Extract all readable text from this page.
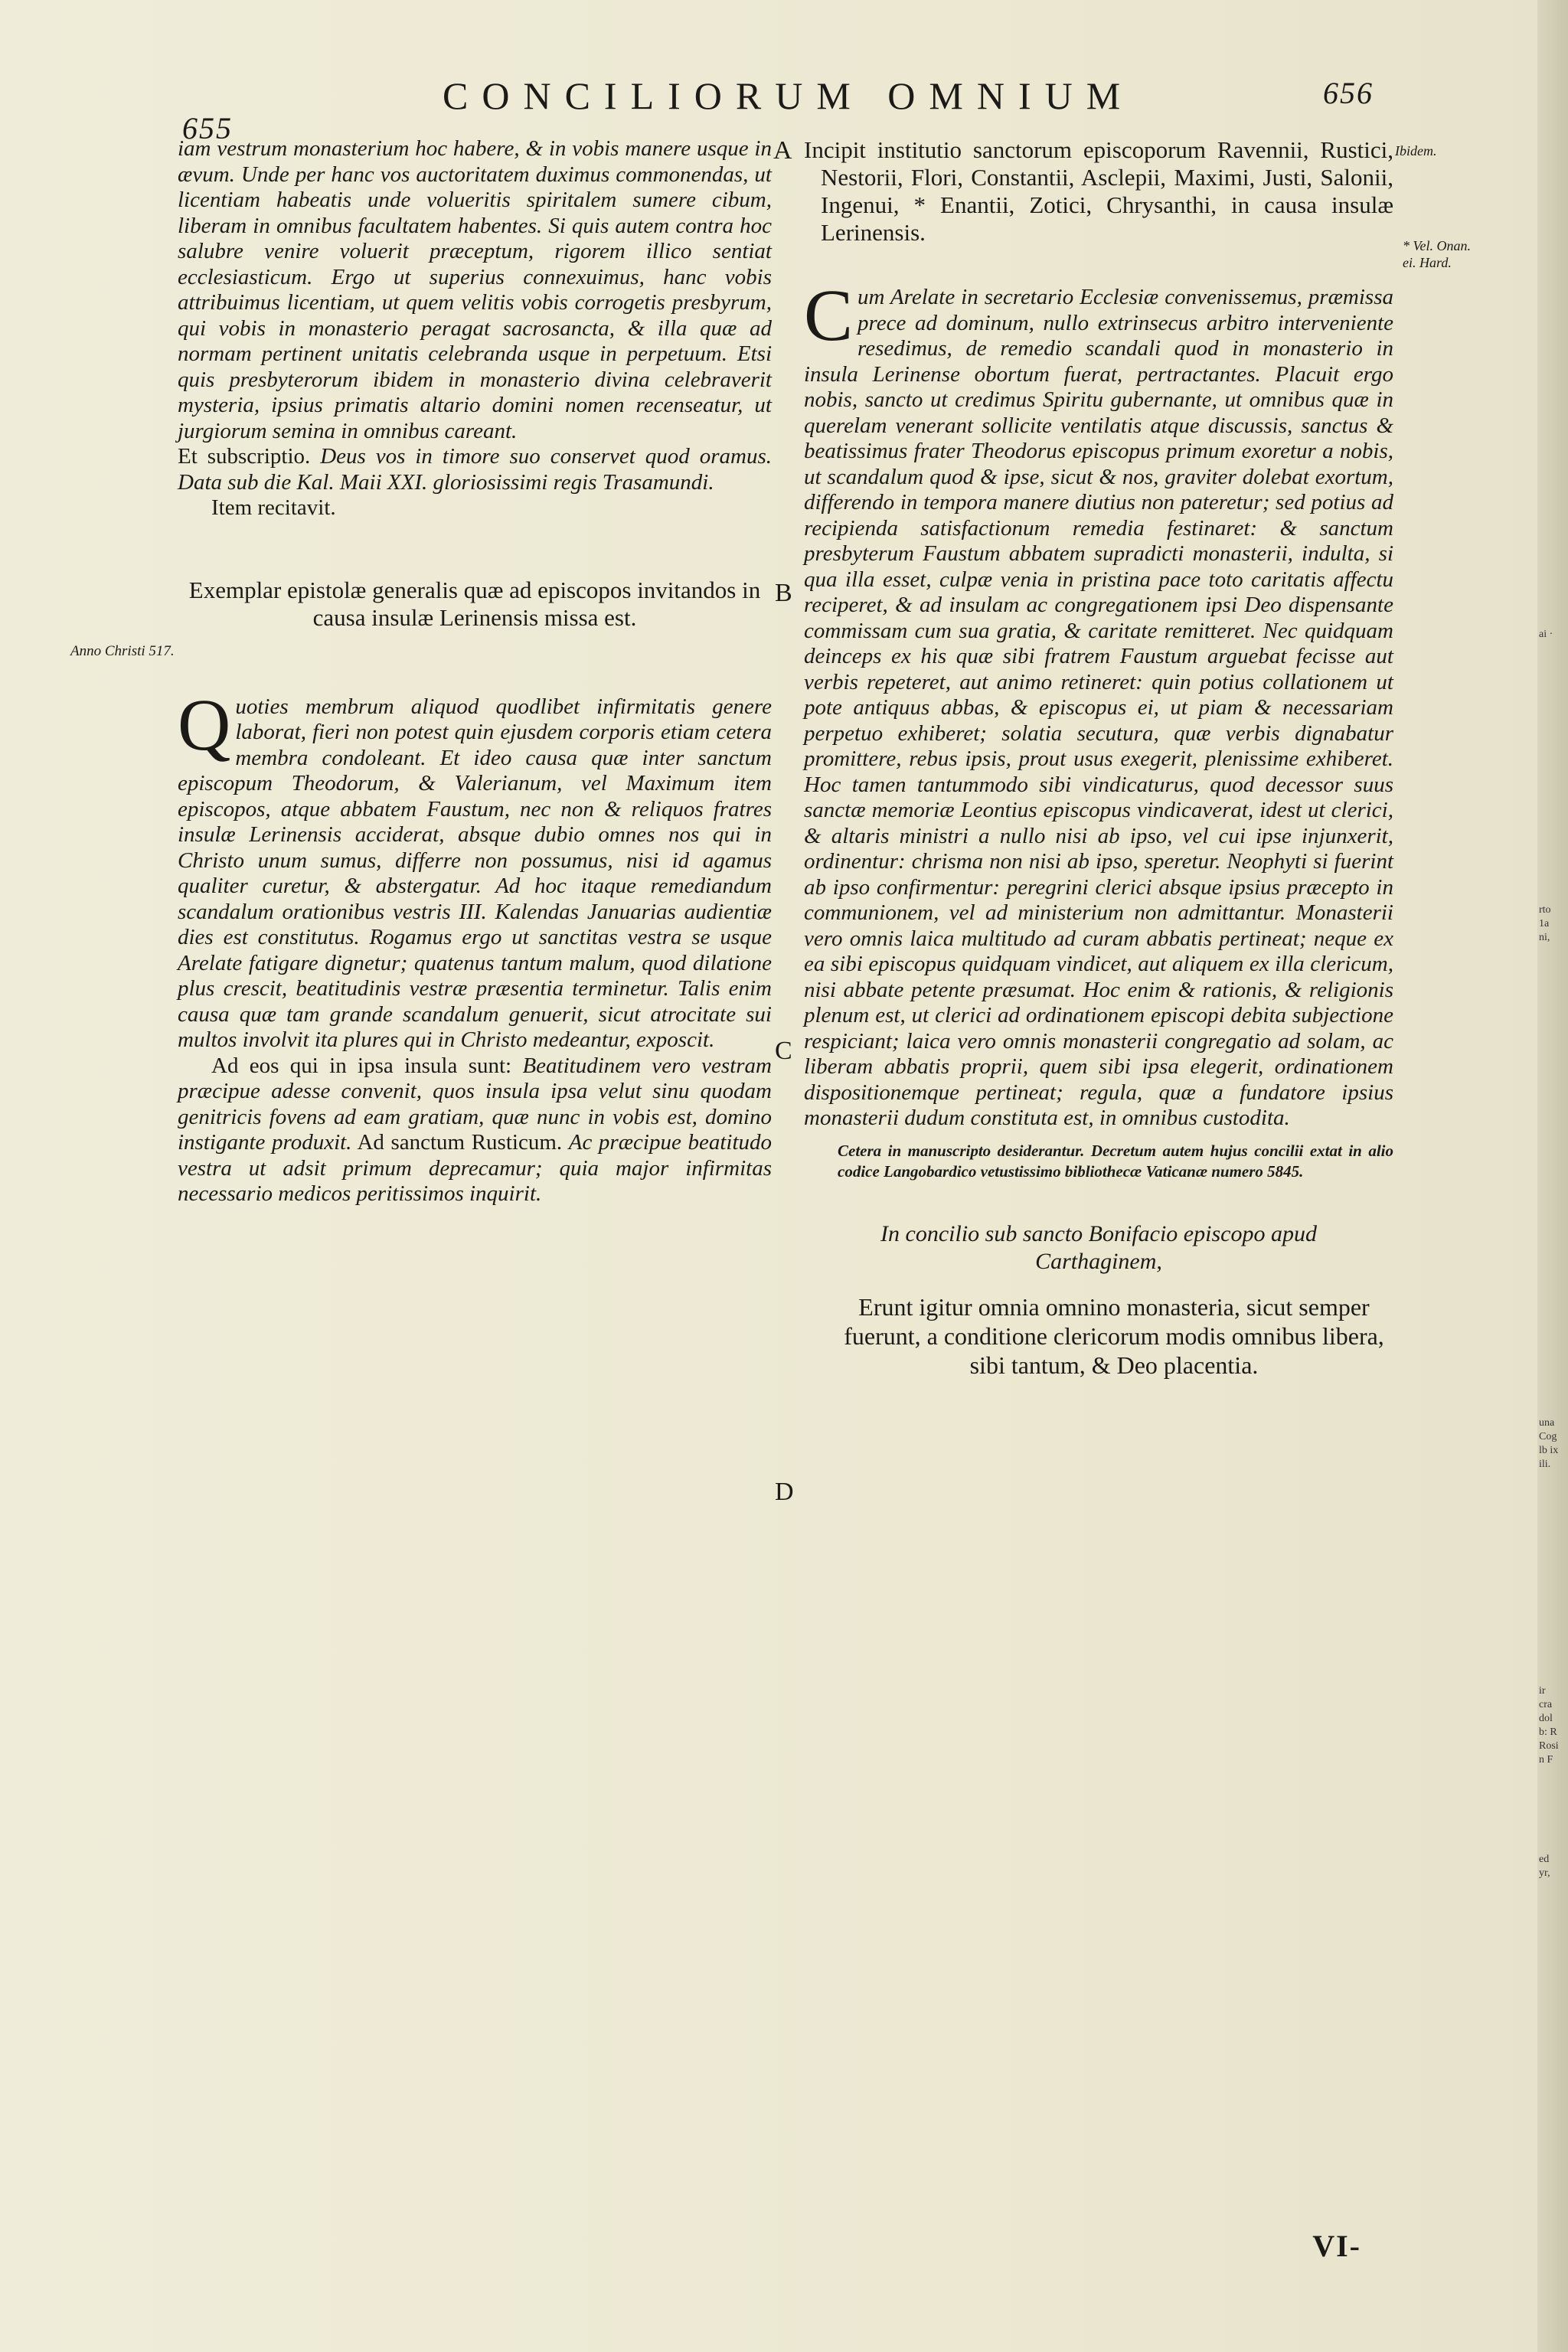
655
CONCILIORUM OMNIUM	656

iam vestrum monasterium hoc habere, & in vobis manere usque in ævum. Unde per hanc vos auctoritatem duximus commonendas, ut licentiam habeatis unde volueritis spiritalem sumere cibum, liberam in omnibus facultatem habentes. Si quis autem contra hoc salubre venire voluerit præceptum, rigorem illico sentiat ecclesiasticum. Ergo ut superius connexuimus, hanc vobis attribuimus licentiam, ut quem velitis vobis corrogetis presbyrum, qui vobis in monasterio peragat sacrosancta, & illa quæ ad normam pertinent unitatis celebranda usque in perpetuum. Etsi quis presbyterorum ibidem in monasterio divina celebraverit mysteria, ipsius primatis altario domini nomen recenseatur, ut jurgiorum semina in omnibus careant.

Et subscriptio. Deus vos in timore suo conservet quod oramus. Data sub die Kal. Maii XXI. gloriosissimi regis Trasamundi.

Item recitavit.

Exemplar epistolæ generalis quæ ad episcopos invitandos in causa insulæ Lerinensis missa est.

Q uoties membrum aliquod quodlibet infirmitatis genere laborat, fieri non potest quin ejusdem corporis etiam cetera membra condoleant. Et ideo causa quæ inter sanctum episcopum Theodorum, & Valerianum, vel Maximum item episcopos, atque abbatem Faustum, nec non & reliquos fratres insulæ Lerinensis acciderat, absque dubio omnes nos qui in Christo unum sumus, differre non possumus, nisi id agamus qualiter curetur, & abstergatur. Ad hoc itaque remediandum scandalum orationibus vestris III. Kalendas Januarias audientiæ dies est constitutus. Rogamus ergo ut sanctitas vestra se usque Arelate fatigare dignetur; quatenus tantum malum, quod dilatione plus crescit, beatitudinis vestræ præsentia terminetur. Talis enim causa quæ tam grande scandalum genuerit, sicut atrocitate sui multos involvit ita plures qui in Christo medeantur, exposcit.

Ad eos qui in ipsa insula sunt: Beatitudinem vero vestram præcipue adesse convenit, quos insula ipsa velut sinu quodam genitricis fovens ad eam gratiam, quæ nunc in vobis est, domino instigante produxit. Ad sanctum Rusticum. Ac præcipue beatitudo vestra ut adsit primum deprecamur; quia major infirmitas necessario medicos peritissimos inquirit.

Incipit institutio sanctorum episcoporum Ravennii, Rustici, Nestorii, Flori, Constantii, Asclepii, Maximi, Justi, Salonii, Ingenui, * Enantii, Zotici, Chrysanthi, in causa insulæ Lerinensis.

C um Arelate in secretario Ecclesiæ convenissemus, præmissa prece ad dominum, nullo extrinsecus arbitro interveniente resedimus, de remedio scandali quod in monasterio in insula Lerinense obortum fuerat, pertractantes. Placuit ergo nobis, sancto ut credimus Spiritu gubernante, ut omnibus quæ in querelam venerant sollicite ventilatis atque discussis, sanctus & beatissimus frater Theodorus episcopus primum exoretur a nobis, ut scandalum quod & ipse, sicut & nos, graviter dolebat exortum, differendo in tempora manere diutius non pateretur; sed potius ad recipienda satisfactionum remedia festinaret: & sanctum presbyterum Faustum abbatem supradicti monasterii, indulta, si qua illa esset, culpæ venia in pristina pace toto caritatis affectu reciperet, & ad insulam ac congregationem ipsi Deo dispensante commissam cum sua gratia, & caritate remitteret. Nec quidquam deinceps ex his quæ sibi fratrem Faustum arguebat fecisse aut verbis repeteret, aut animo retineret: quin potius collationem ut pote antiquus abbas, & episcopus ei, ut piam & necessariam perpetuo exhiberet; solatia secutura, quæ verbis dignabatur promittere, rebus ipsis, prout usus exegerit, plenissime exhiberet. Hoc tamen tantummodo sibi vindicaturus, quod decessor suus sanctæ memoriæ Leontius episcopus vindicaverat, idest ut clerici, & altaris ministri a nullo nisi ab ipso, vel cui ipse injunxerit, ordinentur: chrisma non nisi ab ipso, speretur. Neophyti si fuerint ab ipso confirmentur: peregrini clerici absque ipsius præcepto in communionem, vel ad ministerium non admittantur. Monasterii vero omnis laica multitudo ad curam abbatis pertineat; neque ex ea sibi episcopus quidquam vindicet, aut aliquem ex illa clericum, nisi abbate petente præsumat. Hoc enim & rationis, & religionis plenum est, ut clerici ad ordinationem episcopi debita subjectione respiciant; laica vero omnis monasterii congregatio ad solam, ac liberam abbatis proprii, quem sibi ipsa elegerit, ordinationem dispositionemque pertineat; regula, quæ a fundatore ipsius monasterii dudum constituta est, in omnibus custodita.

Cetera in manuscripto desiderantur. Decretum autem hujus concilii extat in alio codice Langobardico vetustissimo bibliothecæ Vaticanæ numero 5845.

In concilio sub sancto Bonifacio episcopo apud Carthaginem,

Erunt igitur omnia omnino monasteria, sicut semper fuerunt, a conditione clericorum modis omnibus libera, sibi tantum, & Deo placentia.

Anno Christi 517.
Ibidem.
* Vel. Onan. ei. Hard.
A
B
C
D
VI-
ai ·
rto
1a
ni,
una
Cog
lb ix
ili.
ir
cra
dol
b: R
Rosi
n F
ed
yr,
